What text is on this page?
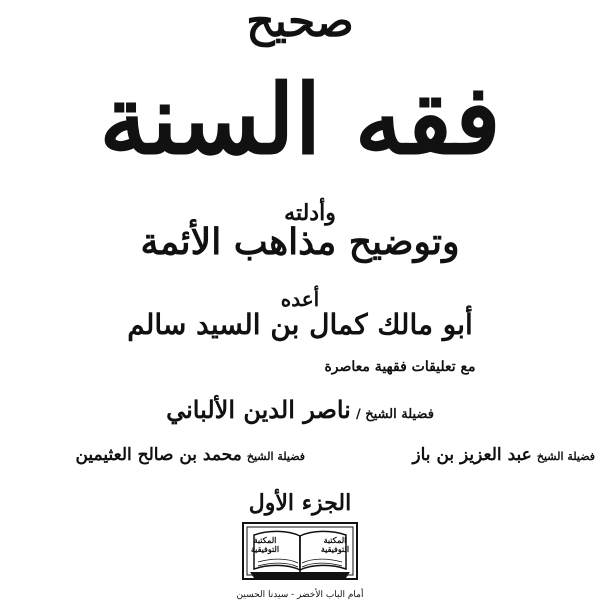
صحيح
فقه السنة
وأدلته
وتوضيح مذاهب الأئمة
أعده
أبو مالك كمال بن السيد سالم
مع تعليقات فقهية معاصرة
فضيلة الشيخ / ناصر الدين الألباني
فضيلة الشيخ عبد العزيز بن باز
فضيلة الشيخ محمد بن صالح العثيمين
الجزء الأول
المكتبة التوفيقية
المكتبة التوفيقية
أمام الباب الأخضر - سيدنا الحسين
